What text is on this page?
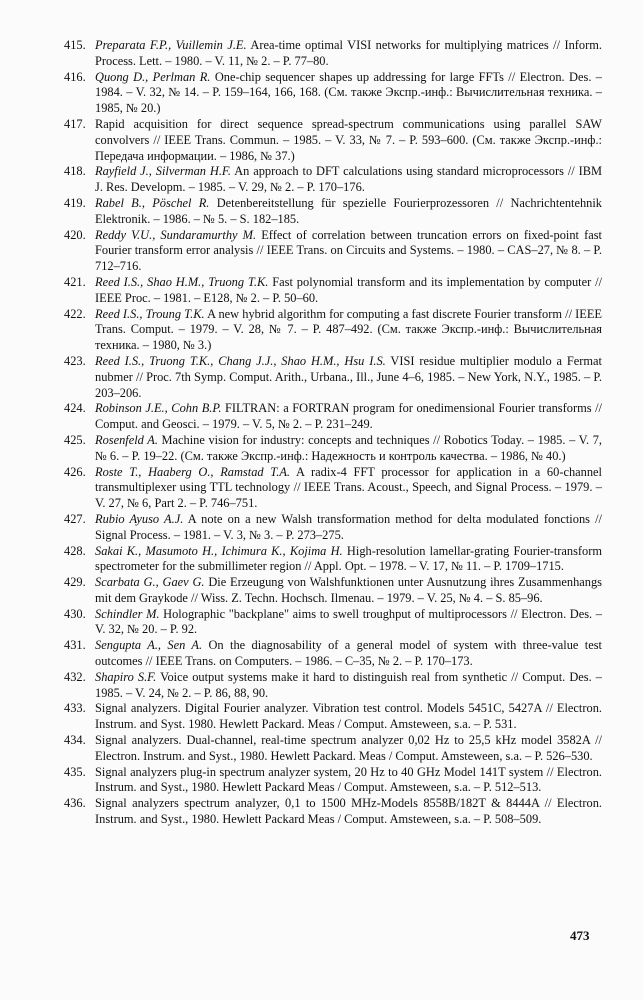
415. Preparata F.P., Vuillemin J.E. Area-time optimal VISI networks for multiplying matrices // Inform. Process. Lett. – 1980. – V. 11, № 2. – P. 77–80.
416. Quong D., Perlman R. One-chip sequencer shapes up addressing for large FFTs // Electron. Des. – 1984. – V. 32, № 14. – P. 159–164, 166, 168. (См. также Экспр.-инф.: Вычислительная техника. – 1985, № 20.)
417. Rapid acquisition for direct sequence spread-spectrum communications using parallel SAW convolvers // IEEE Trans. Commun. – 1985. – V. 33, № 7. – P. 593–600. (См. также Экспр.-инф.: Передача информации. – 1986, № 37.)
418. Rayfield J., Silverman H.F. An approach to DFT calculations using standard microprocessors // IBM J. Res. Developm. – 1985. – V. 29, № 2. – P. 170–176.
419. Rabel B., Pöschel R. Detenbereitstellung für spezielle Fourierprozessoren // Nachrichtentehnik Elektronik. – 1986. – № 5. – S. 182–185.
420. Reddy V.U., Sundaramurthy M. Effect of correlation between truncation errors on fixed-point fast Fourier transform error analysis // IEEE Trans. on Circuits and Systems. – 1980. – CAS–27, № 8. – P. 712–716.
421. Reed I.S., Shao H.M., Truong T.K. Fast polynomial transform and its implementation by computer // IEEE Proc. – 1981. – E128, № 2. – P. 50–60.
422. Reed I.S., Troung T.K. A new hybrid algorithm for computing a fast discrete Fourier transform // IEEE Trans. Comput. – 1979. – V. 28, № 7. – P. 487–492. (См. также Экспр.-инф.: Вычислительная техника. – 1980, № 3.)
423. Reed I.S., Truong T.K., Chang J.J., Shao H.M., Hsu I.S. VISI residue multiplier modulo a Fermat nubmer // Proc. 7th Symp. Comput. Arith., Urbana., Ill., June 4–6, 1985. – New York, N.Y., 1985. – P. 203–206.
424. Robinson J.E., Cohn B.P. FILTRAN: a FORTRAN program for onedimensional Fourier transforms // Comput. and Geosci. – 1979. – V. 5, № 2. – P. 231–249.
425. Rosenfeld A. Machine vision for industry: concepts and techniques // Robotics Today. – 1985. – V. 7, № 6. – P. 19–22. (См. также Экспр.-инф.: Надежность и контроль качества. – 1986, № 40.)
426. Roste T., Haaberg O., Ramstad T.A. A radix-4 FFT processor for application in a 60-channel transmultiplexer using TTL technology // IEEE Trans. Acoust., Speech, and Signal Process. – 1979. – V. 27, № 6, Part 2. – P. 746–751.
427. Rubio Ayuso A.J. A note on a new Walsh transformation method for delta modulated fonctions // Signal Process. – 1981. – V. 3, № 3. – P. 273–275.
428. Sakai K., Masumoto H., Ichimura K., Kojima H. High-resolution lamellar-grating Fourier-transform spectrometer for the submillimeter region // Appl. Opt. – 1978. – V. 17, № 11. – P. 1709–1715.
429. Scarbata G., Gaev G. Die Erzeugung von Walshfunktionen unter Ausnutzung ihres Zusammenhangs mit dem Graykode // Wiss. Z. Techn. Hochsch. Ilmenau. – 1979. – V. 25, № 4. – S. 85–96.
430. Schindler M. Holographic "backplane" aims to swell troughput of multiprocessors // Electron. Des. – V. 32, № 20. – P. 92.
431. Sengupta A., Sen A. On the diagnosability of a general model of system with three-value test outcomes // IEEE Trans. on Computers. – 1986. – C–35, № 2. – P. 170–173.
432. Shapiro S.F. Voice output systems make it hard to distinguish real from synthetic // Comput. Des. – 1985. – V. 24, № 2. – P. 86, 88, 90.
433. Signal analyzers. Digital Fourier analyzer. Vibration test control. Models 5451C, 5427A // Electron. Instrum. and Syst. 1980. Hewlett Packard. Meas / Comput. Amsteween, s.a. – P. 531.
434. Signal analyzers. Dual-channel, real-time spectrum analyzer 0,02 Hz to 25,5 kHz model 3582A // Electron. Instrum. and Syst., 1980. Hewlett Packard. Meas / Comput. Amsteween, s.a. – P. 526–530.
435. Signal analyzers plug-in spectrum analyzer system, 20 Hz to 40 GHz Model 141T system // Electron. Instrum. and Syst., 1980. Hewlett Packard Meas / Comput. Amsteween, s.a. – P. 512–513.
436. Signal analyzers spectrum analyzer, 0,1 to 1500 MHz-Models 8558B/182T & 8444A // Electron. Instrum. and Syst., 1980. Hewlett Packard Meas / Comput. Amsteween, s.a. – P. 508–509.
473
